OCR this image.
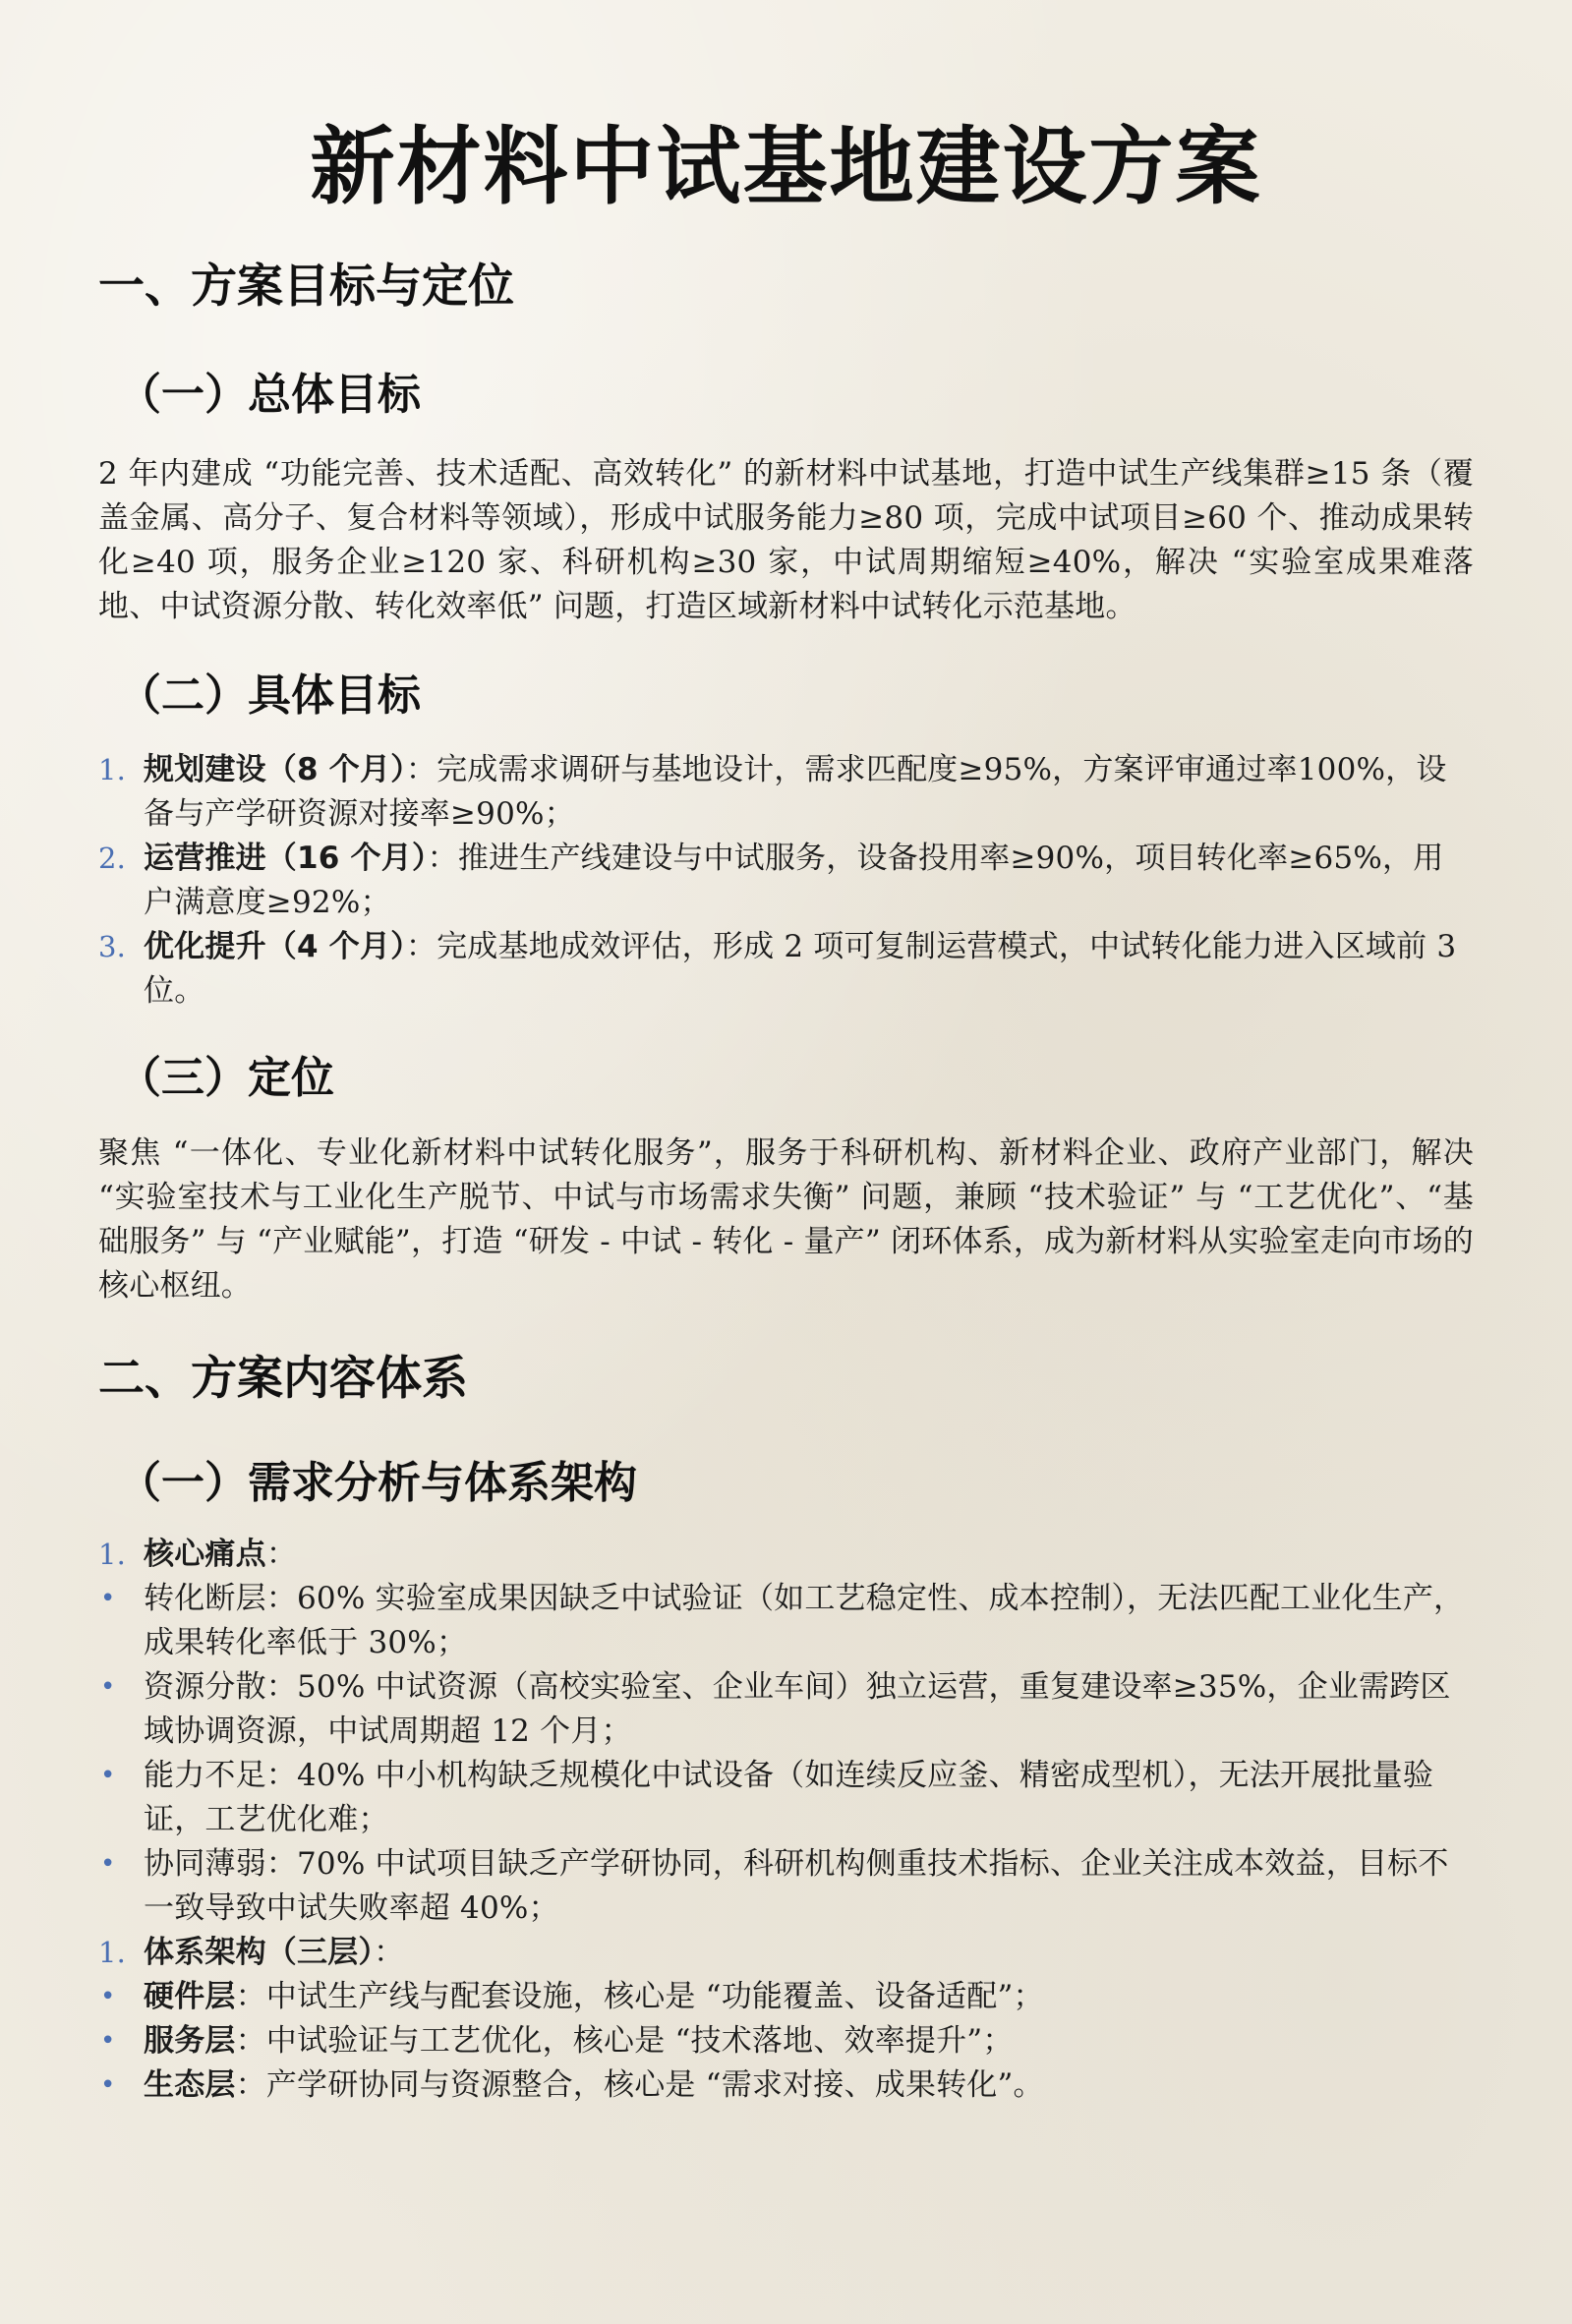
新材料中试基地建设方案
一、方案目标与定位
（一）总体目标

2 年内建成 “功能完善、技术适配、高效转化” 的新材料中试基地，打造中试生产线集群≥15 条（覆盖金属、高分子、复合材料等领域），形成中试服务能力≥80 项，完成中试项目≥60 个、推动成果转化≥40 项，服务企业≥120 家、科研机构≥30 家，中试周期缩短≥40%，解决 “实验室成果难落地、中试资源分散、转化效率低” 问题，打造区域新材料中试转化示范基地。

（二）具体目标
1. 规划建设（8 个月）：完成需求调研与基地设计，需求匹配度≥95%，方案评审通过率100%，设备与产学研资源对接率≥90%；
2. 运营推进（16 个月）：推进生产线建设与中试服务，设备投用率≥90%，项目转化率≥65%，用户满意度≥92%；
3. 优化提升（4 个月）：完成基地成效评估，形成 2 项可复制运营模式，中试转化能力进入区域前 3 位。
（三）定位

聚焦 “一体化、专业化新材料中试转化服务”，服务于科研机构、新材料企业、政府产业部门，解决 “实验室技术与工业化生产脱节、中试与市场需求失衡” 问题，兼顾 “技术验证” 与 “工艺优化”、“基础服务” 与 “产业赋能”，打造 “研发 - 中试 - 转化 - 量产” 闭环体系，成为新材料从实验室走向市场的核心枢纽。

二、方案内容体系
（一）需求分析与体系架构
1. 核心痛点：
• 转化断层：60% 实验室成果因缺乏中试验证（如工艺稳定性、成本控制），无法匹配工业化生产，成果转化率低于 30%；
• 资源分散：50% 中试资源（高校实验室、企业车间）独立运营，重复建设率≥35%，企业需跨区域协调资源，中试周期超 12 个月；
• 能力不足：40% 中小机构缺乏规模化中试设备（如连续反应釜、精密成型机），无法开展批量验证，工艺优化难；
• 协同薄弱：70% 中试项目缺乏产学研协同，科研机构侧重技术指标、企业关注成本效益，目标不一致导致中试失败率超 40%；
1. 体系架构（三层）：
• 硬件层：中试生产线与配套设施，核心是 “功能覆盖、设备适配”；
• 服务层：中试验证与工艺优化，核心是 “技术落地、效率提升”；
• 生态层：产学研协同与资源整合，核心是 “需求对接、成果转化”。
